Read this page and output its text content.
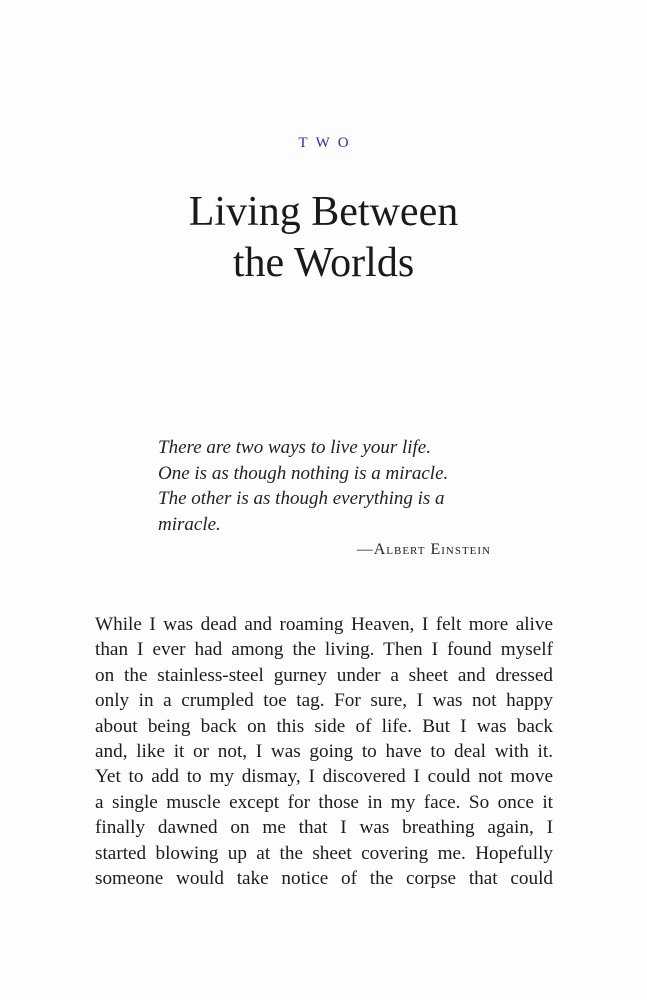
TWO
Living Between
the Worlds
There are two ways to live your life.
One is as though nothing is a miracle.
The other is as though everything is a
miracle.
—Albert Einstein
While I was dead and roaming Heaven, I felt more alive
than I ever had among the living. Then I found myself
on the stainless-steel gurney under a sheet and dressed
only in a crumpled toe tag. For sure, I was not happy
about being back on this side of life. But I was back
and, like it or not, I was going to have to deal with it.
Yet to add to my dismay, I discovered I could not move
a single muscle except for those in my face. So once it
finally dawned on me that I was breathing again, I
started blowing up at the sheet covering me. Hopefully
someone would take notice of the corpse that could
